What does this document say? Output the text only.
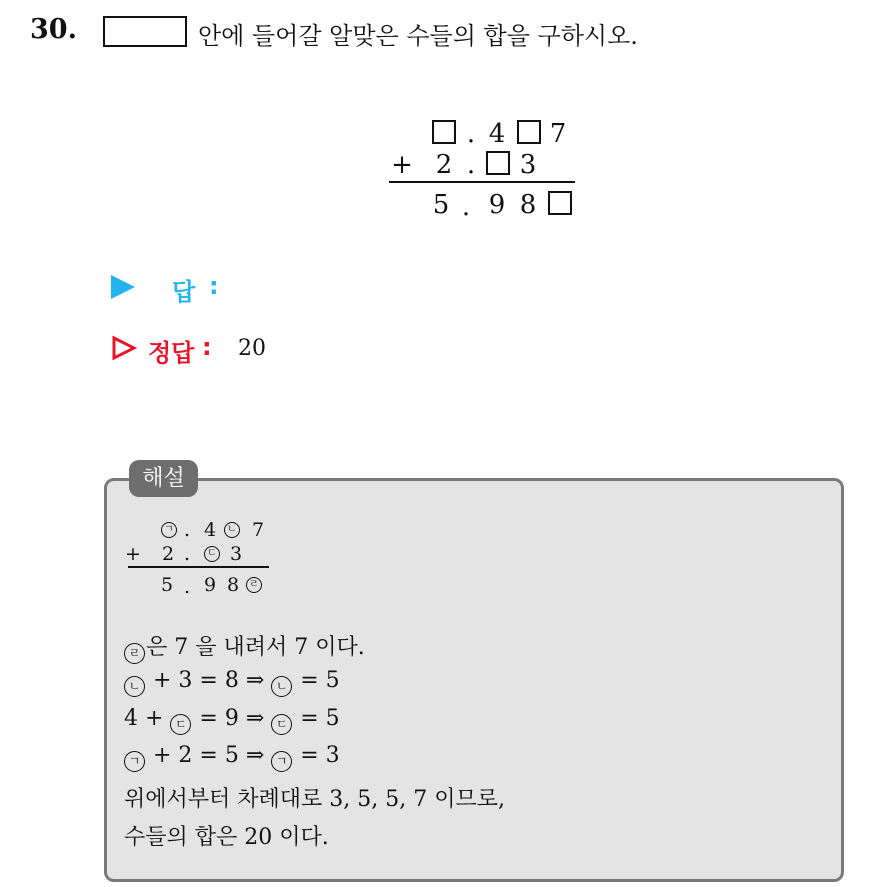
30.	안에 들어갈 알맞은 수들의 합을 구하시오.
. 4 7
+ 2 . 3
5 . 9 8
답 :
정답 : 20
해설
ㄱ . 4	ㄴ 7
+ 2 .	ㄷ 3
5 . 9 8	ㄹ
ㄹ 은 7 을 내려서 7 이다.
ㄴ + 3 = 8 ⇒ ㄴ = 5
4 + ㄷ = 9 ⇒ ㄷ = 5
ㄱ + 2 = 5 ⇒ ㄱ = 3
위에서부터 차례대로 3, 5, 5, 7 이므로,
수들의 합은 20 이다.
